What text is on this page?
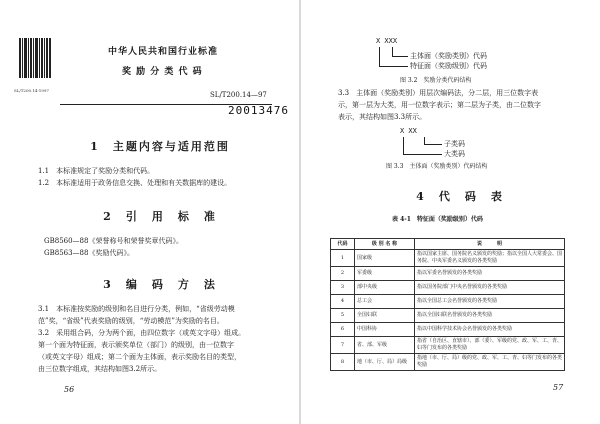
SL/T200.14-1997
中华人民共和国行业标准
奖 励 分 类 代 码
SL/T200.14—97
20013476
1　主题内容与适用范围
1.1　本标准规定了奖励分类和代码。
1.2　本标准适用于政务信息交换、处理和有关数据库的建设。
2　引　用　标　准
GB8560—88《荣誉称号和荣誉奖章代码》。
GB8563—88《奖励代码》。
3　编　码　方　法
3.1　本标准按奖励的级别和名目进行分类，例如，“省级劳动模
范”奖，“省级”代表奖励的级别，“劳动模范”为奖励的名目。
3.2　采用组合码，分为两个面，由四位数字（或英文字母）组成。
第一个面为特征面，表示颁奖单位（部门）的级别，由一位数字
（或英文字母）组成；第二个面为主体面，表示奖励名目的类型，
由三位数字组成，其结构如图3.2所示。
56
X XXX
主体面（奖励类别）代码
特征面（奖励级别）代码
图 3.2　奖励分类代码结构
3.3　主体面（奖励类别）用层次编码法，分二层，用三位数字表
示，第一层为大类，用一位数字表示；第二层为子类，由二位数字
表示，其结构如图3.3所示。
X XX
子类码
大类码
图 3.3　主体面（奖励类别）代码结构
4　代　码　表
表 4-1　特征面（奖励级别）代码
57
代码	级 别 名 称	说　　　明
1	国家级	指以国家主席、国务院名义颁发的奖励；指以全国人大常委会、国务院、中央军委名义颁发的各类奖励
2	军委级	指以军委名誉颁发的各类奖励
3	部中央级	指以国务院部门中央名誉颁发的各类奖励
4	总工会	指以全国总工会名誉颁发的各类奖励
5	全国妇联	指以全国妇联名誉颁发的各类奖励
6	中国科协	指以中国科学技术协会名誉颁发的各类奖励
7	省、部、军级	指省（自治区、直辖市）、部（委）、军级的党、政、军、工、青、妇等门发布的各类奖励
8	地（市、厅、局）局级	指地（市、厅、局）级的党、政、军、工、青、妇等门发布的各类奖励
